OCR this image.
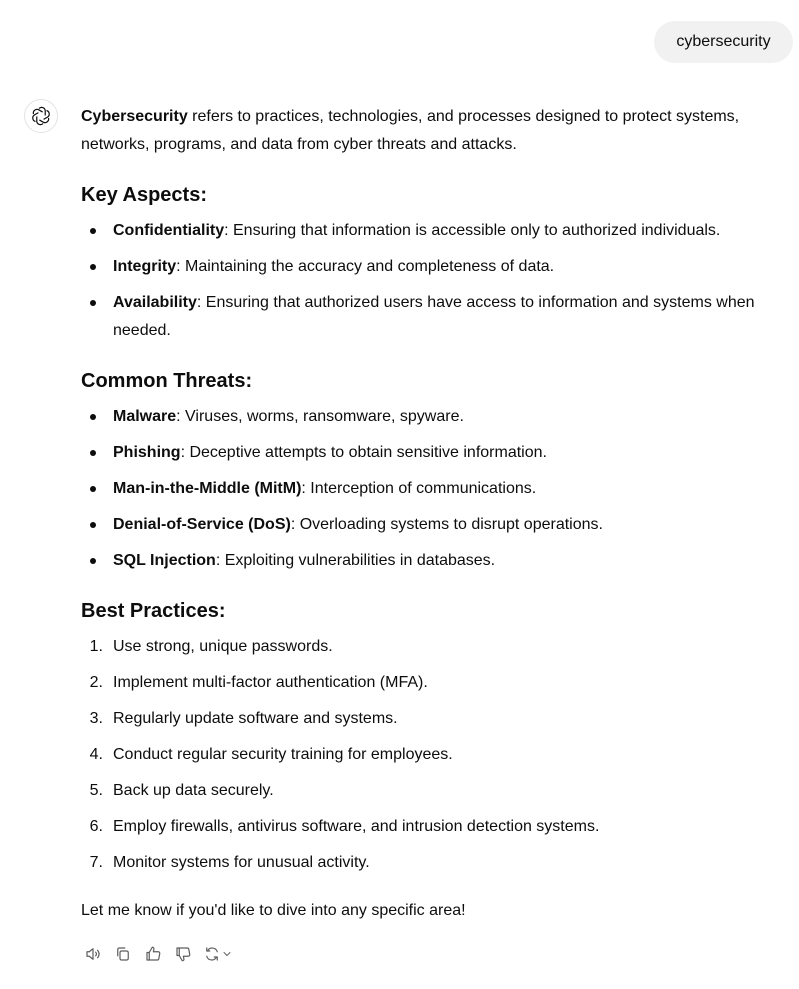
cybersecurity

Cybersecurity refers to practices, technologies, and processes designed to protect systems, networks, programs, and data from cyber threats and attacks.

Key Aspects:
Confidentiality: Ensuring that information is accessible only to authorized individuals.
Integrity: Maintaining the accuracy and completeness of data.
Availability: Ensuring that authorized users have access to information and systems when needed.
Common Threats:
Malware: Viruses, worms, ransomware, spyware.
Phishing: Deceptive attempts to obtain sensitive information.
Man-in-the-Middle (MitM): Interception of communications.
Denial-of-Service (DoS): Overloading systems to disrupt operations.
SQL Injection: Exploiting vulnerabilities in databases.
Best Practices:
1. Use strong, unique passwords.
2. Implement multi-factor authentication (MFA).
3. Regularly update software and systems.
4. Conduct regular security training for employees.
5. Back up data securely.
6. Employ firewalls, antivirus software, and intrusion detection systems.
7. Monitor systems for unusual activity.

Let me know if you'd like to dive into any specific area!
